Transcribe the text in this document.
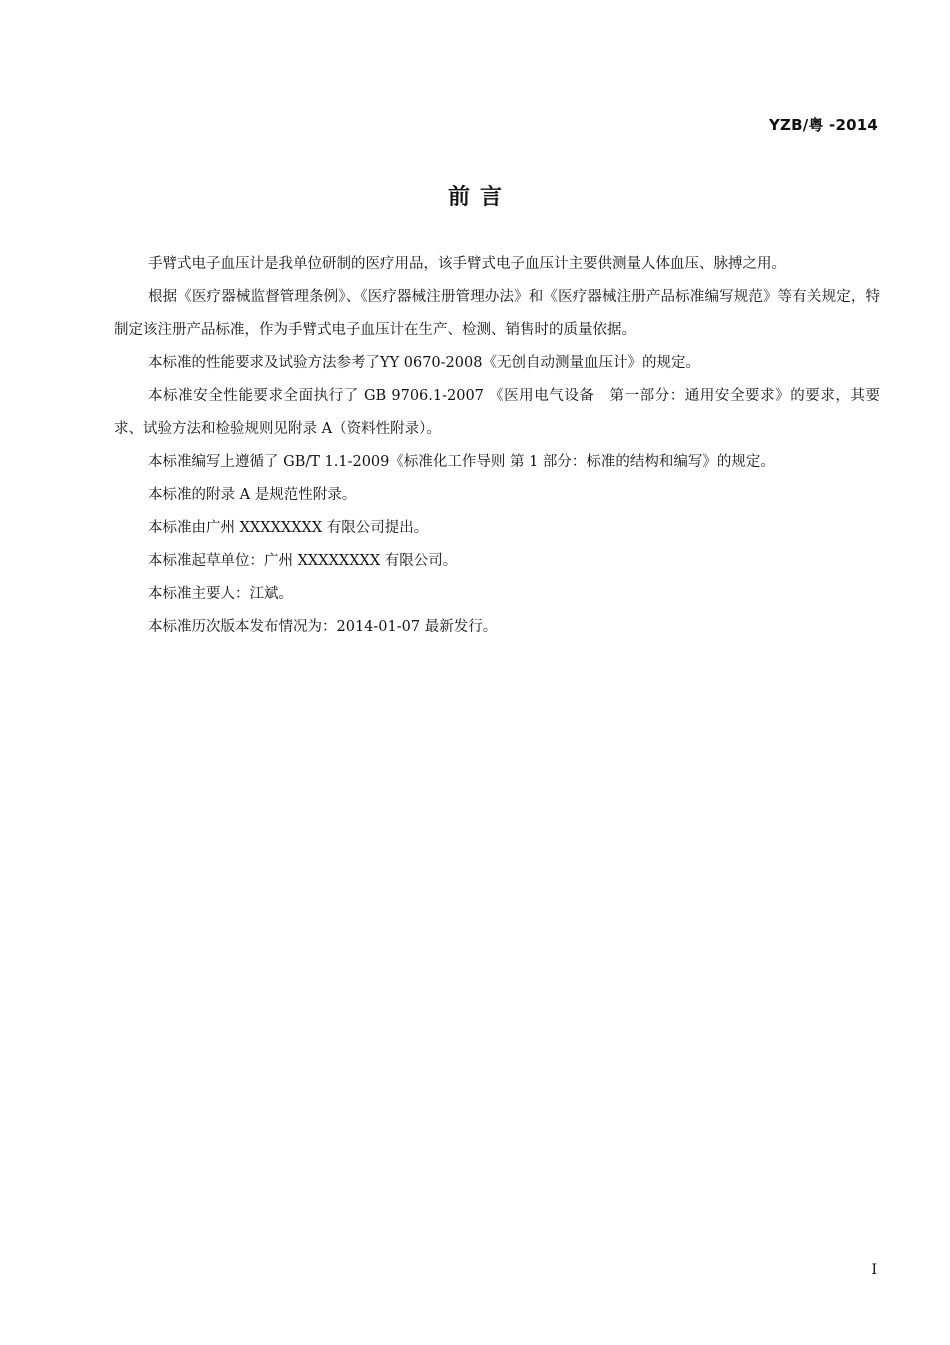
YZB/粤 -2014
前言

手臂式电子血压计是我单位研制的医疗用品，该手臂式电子血压计主要供测量人体血压、脉搏之用。

根据《医疗器械监督管理条例》、《医疗器械注册管理办法》和《医疗器械注册产品标准编写规范》等有关规定，特制定该注册产品标准，作为手臂式电子血压计在生产、检测、销售时的质量依据。

本标准的性能要求及试验方法参考了YY 0670-2008《无创自动测量血压计》的规定。

本标准安全性能要求全面执行了 GB 9706.1-2007 《医用电气设备　第一部分：通用安全要求》的要求，其要求、试验方法和检验规则见附录 A（资料性附录）。

本标准编写上遵循了 GB/T 1.1-2009《标准化工作导则 第 1 部分：标准的结构和编写》的规定。

本标准的附录 A 是规范性附录。

本标准由广州 XXXXXXXX 有限公司提出。

本标准起草单位：广州 XXXXXXXX 有限公司。

本标准主要人：江斌。

本标准历次版本发布情况为：2014-01-07 最新发行。

I
